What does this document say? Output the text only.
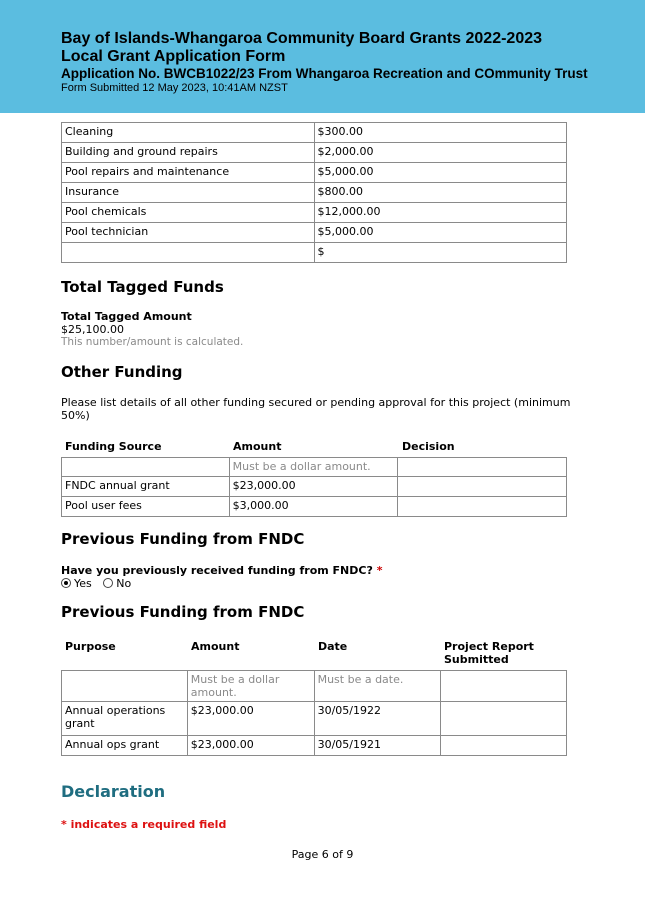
Bay of Islands-Whangaroa Community Board Grants 2022-2023
Local Grant Application Form
Application No. BWCB1022/23 From Whangaroa Recreation and COmmunity Trust
Form Submitted 12 May 2023, 10:41AM NZST
Cleaning	$300.00
Building and ground repairs	$2,000.00
Pool repairs and maintenance	$5,000.00
Insurance	$800.00
Pool chemicals	$12,000.00
Pool technician	$5,000.00
	$
Total Tagged Funds
Total Tagged Amount
$25,100.00
This number/amount is calculated.
Other Funding
Please list details of all other funding secured or pending approval for this project (minimum 50%)
Funding Source	Amount	Decision
	Must be a dollar amount.	
FNDC annual grant	$23,000.00	
Pool user fees	$3,000.00	
Previous Funding from FNDC
Have you previously received funding from FNDC? *
Yes No
Previous Funding from FNDC
Purpose	Amount	Date	Project Report Submitted
	Must be a dollar amount.	Must be a date.	
Annual operations grant	$23,000.00	30/05/1922	
Annual ops grant	$23,000.00	30/05/1921	
Declaration
* indicates a required field
Page 6 of 9
